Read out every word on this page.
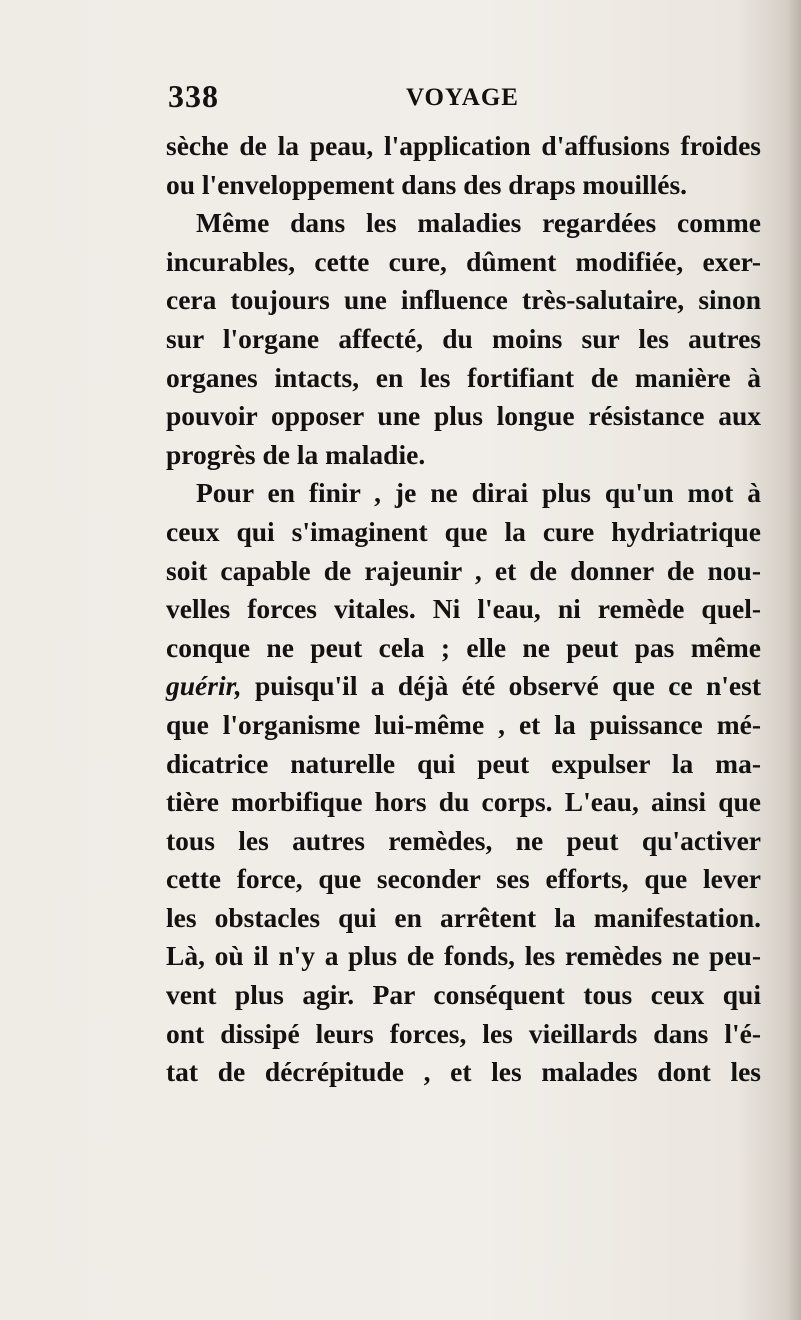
338	VOYAGE
sèche de la peau, l'application d'affusions froides
ou l'enveloppement dans des draps mouillés.
Même dans les maladies regardées comme
incurables, cette cure, dûment modifiée, exer-
cera toujours une influence très-salutaire, sinon
sur l'organe affecté, du moins sur les autres
organes intacts, en les fortifiant de manière à
pouvoir opposer une plus longue résistance aux
progrès de la maladie.
Pour en finir , je ne dirai plus qu'un mot à
ceux qui s'imaginent que la cure hydriatrique
soit capable de rajeunir , et de donner de nou-
velles forces vitales. Ni l'eau, ni remède quel-
conque ne peut cela ; elle ne peut pas même
guérir, puisqu'il a déjà été observé que ce n'est
que l'organisme lui-même , et la puissance mé-
dicatrice naturelle qui peut expulser la ma-
tière morbifique hors du corps. L'eau, ainsi que
tous les autres remèdes, ne peut qu'activer
cette force, que seconder ses efforts, que lever
les obstacles qui en arrêtent la manifestation.
Là, où il n'y a plus de fonds, les remèdes ne peu-
vent plus agir. Par conséquent tous ceux qui
ont dissipé leurs forces, les vieillards dans l'é-
tat de décrépitude , et les malades dont les
